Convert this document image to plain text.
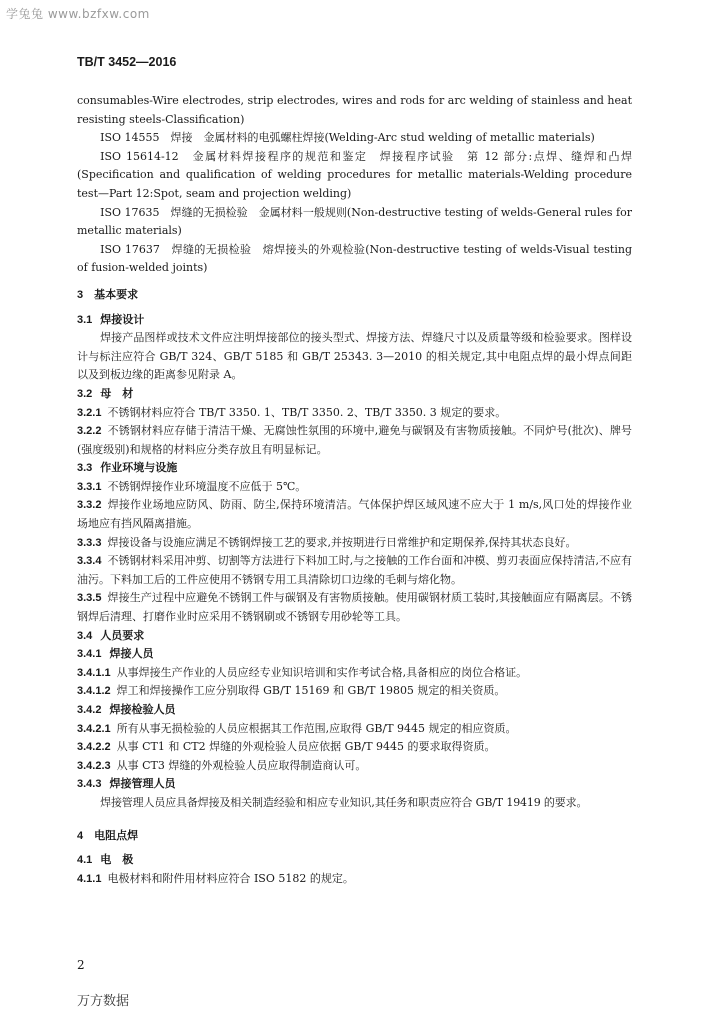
学兔兔 www.bzfxw.com
TB/T 3452—2016
consumables-Wire electrodes, strip electrodes, wires and rods for arc welding of stainless and heat resisting steels-Classification)
ISO 14555　焊接　金属材料的电弧螺柱焊接(Welding-Arc stud welding of metallic materials)
ISO 15614-12　金属材料焊接程序的规范和鉴定　焊接程序试验　第 12 部分:点焊、缝焊和凸焊(Specification and qualification of welding procedures for metallic materials-Welding procedure test—Part 12:Spot, seam and projection welding)
ISO 17635　焊缝的无损检验　金属材料一般规则(Non-destructive testing of welds-General rules for metallic materials)
ISO 17637　焊缝的无损检验　熔焊接头的外观检验(Non-destructive testing of welds-Visual testing of fusion-welded joints)
3　基本要求
3.1 焊接设计
焊接产品图样或技术文件应注明焊接部位的接头型式、焊接方法、焊缝尺寸以及质量等级和检验要求。图样设计与标注应符合 GB/T 324、GB/T 5185 和 GB/T 25343. 3—2010 的相关规定,其中电阻点焊的最小焊点间距以及到板边缘的距离参见附录 A。
3.2 母　材
3.2.1 不锈钢材料应符合 TB/T 3350. 1、TB/T 3350. 2、TB/T 3350. 3 规定的要求。
3.2.2 不锈钢材料应存储于清洁干燥、无腐蚀性氛围的环境中,避免与碳钢及有害物质接触。不同炉号(批次)、牌号(强度级别)和规格的材料应分类存放且有明显标记。
3.3 作业环境与设施
3.3.1 不锈钢焊接作业环境温度不应低于 5℃。
3.3.2 焊接作业场地应防风、防雨、防尘,保持环境清洁。气体保护焊区域风速不应大于 1 m/s,风口处的焊接作业场地应有挡风隔离措施。
3.3.3 焊接设备与设施应满足不锈钢焊接工艺的要求,并按期进行日常维护和定期保养,保持其状态良好。
3.3.4 不锈钢材料采用冲剪、切割等方法进行下料加工时,与之接触的工作台面和冲模、剪刃表面应保持清洁,不应有油污。下料加工后的工件应使用不锈钢专用工具清除切口边缘的毛刺与熔化物。
3.3.5 焊接生产过程中应避免不锈钢工件与碳钢及有害物质接触。使用碳钢材质工装时,其接触面应有隔离层。不锈钢焊后清理、打磨作业时应采用不锈钢刷或不锈钢专用砂轮等工具。
3.4 人员要求
3.4.1 焊接人员
3.4.1.1 从事焊接生产作业的人员应经专业知识培训和实作考试合格,具备相应的岗位合格证。
3.4.1.2 焊工和焊接操作工应分别取得 GB/T 15169 和 GB/T 19805 规定的相关资质。
3.4.2 焊接检验人员
3.4.2.1 所有从事无损检验的人员应根据其工作范围,应取得 GB/T 9445 规定的相应资质。
3.4.2.2 从事 CT1 和 CT2 焊缝的外观检验人员应依据 GB/T 9445 的要求取得资质。
3.4.2.3 从事 CT3 焊缝的外观检验人员应取得制造商认可。
3.4.3 焊接管理人员
焊接管理人员应具备焊接及相关制造经验和相应专业知识,其任务和职责应符合 GB/T 19419 的要求。
4　电阻点焊
4.1 电　极
4.1.1 电极材料和附件用材料应符合 ISO 5182 的规定。
2
万方数据
